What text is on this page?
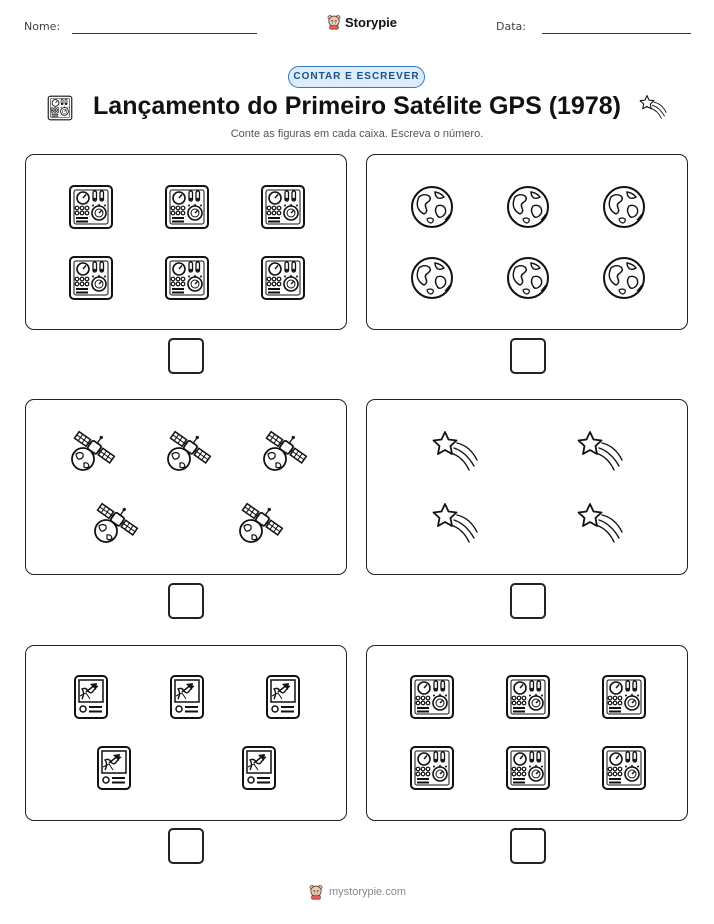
Nome:	Storypie	Data:
CONTAR E ESCREVER
Lançamento do Primeiro Satélite GPS (1978)
Conte as figuras em cada caixa. Escreva o número.
mystorypie.com
